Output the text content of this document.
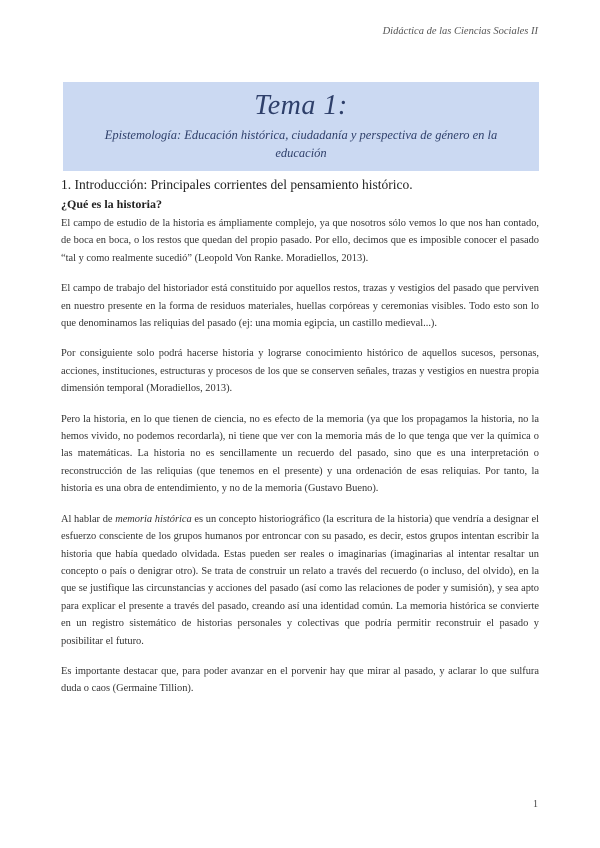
Didáctica de las Ciencias Sociales II
Tema 1:
Epistemología: Educación histórica, ciudadanía y perspectiva de género en la educación
1. Introducción: Principales corrientes del pensamiento histórico.
¿Qué es la historia?

El campo de estudio de la historia es ámpliamente complejo, ya que nosotros sólo vemos lo que nos han contado, de boca en boca, o los restos que quedan del propio pasado. Por ello, decimos que es imposible conocer el pasado “tal y como realmente sucedió” (Leopold Von Ranke. Moradiellos, 2013).

El campo de trabajo del historiador está constituido por aquellos restos, trazas y vestigios del pasado que perviven en nuestro presente en la forma de residuos materiales, huellas corpóreas y ceremonias visibles. Todo esto son lo que denominamos las reliquias del pasado (ej: una momia egipcia, un castillo medieval...).

Por consiguiente solo podrá hacerse historia y lograrse conocimiento histórico de aquellos sucesos, personas, acciones, instituciones, estructuras y procesos de los que se conserven señales, trazas y vestigios en nuestra propia dimensión temporal (Moradiellos, 2013).

Pero la historia, en lo que tienen de ciencia, no es efecto de la memoria (ya que los propagamos la historia, no la hemos vivido, no podemos recordarla), ni tiene que ver con la memoria más de lo que tenga que ver la química o las matemáticas. La historia no es sencillamente un recuerdo del pasado, sino que es una interpretación o reconstrucción de las reliquias (que tenemos en el presente) y una ordenación de esas reliquias. Por tanto, la historia es una obra de entendimiento, y no de la memoria (Gustavo Bueno).

Al hablar de memoria histórica es un concepto historiográfico (la escritura de la historia) que vendría a designar el esfuerzo consciente de los grupos humanos por entroncar con su pasado, es decir, estos grupos intentan escribir la historia que había quedado olvidada. Estas pueden ser reales o imaginarias (imaginarias al intentar resaltar un concepto o país o denigrar otro). Se trata de construir un relato a través del recuerdo (o incluso, del olvido), en la que se justifique las circunstancias y acciones del pasado (así como las relaciones de poder y sumisión), y sea apto para explicar el presente a través del pasado, creando así una identidad común. La memoria histórica se convierte en un registro sistemático de historias personales y colectivas que podría permitir reconstruir el pasado y posibilitar el futuro.

Es importante destacar que, para poder avanzar en el porvenir hay que mirar al pasado, y aclarar lo que sulfura duda o caos (Germaine Tillion).

1
